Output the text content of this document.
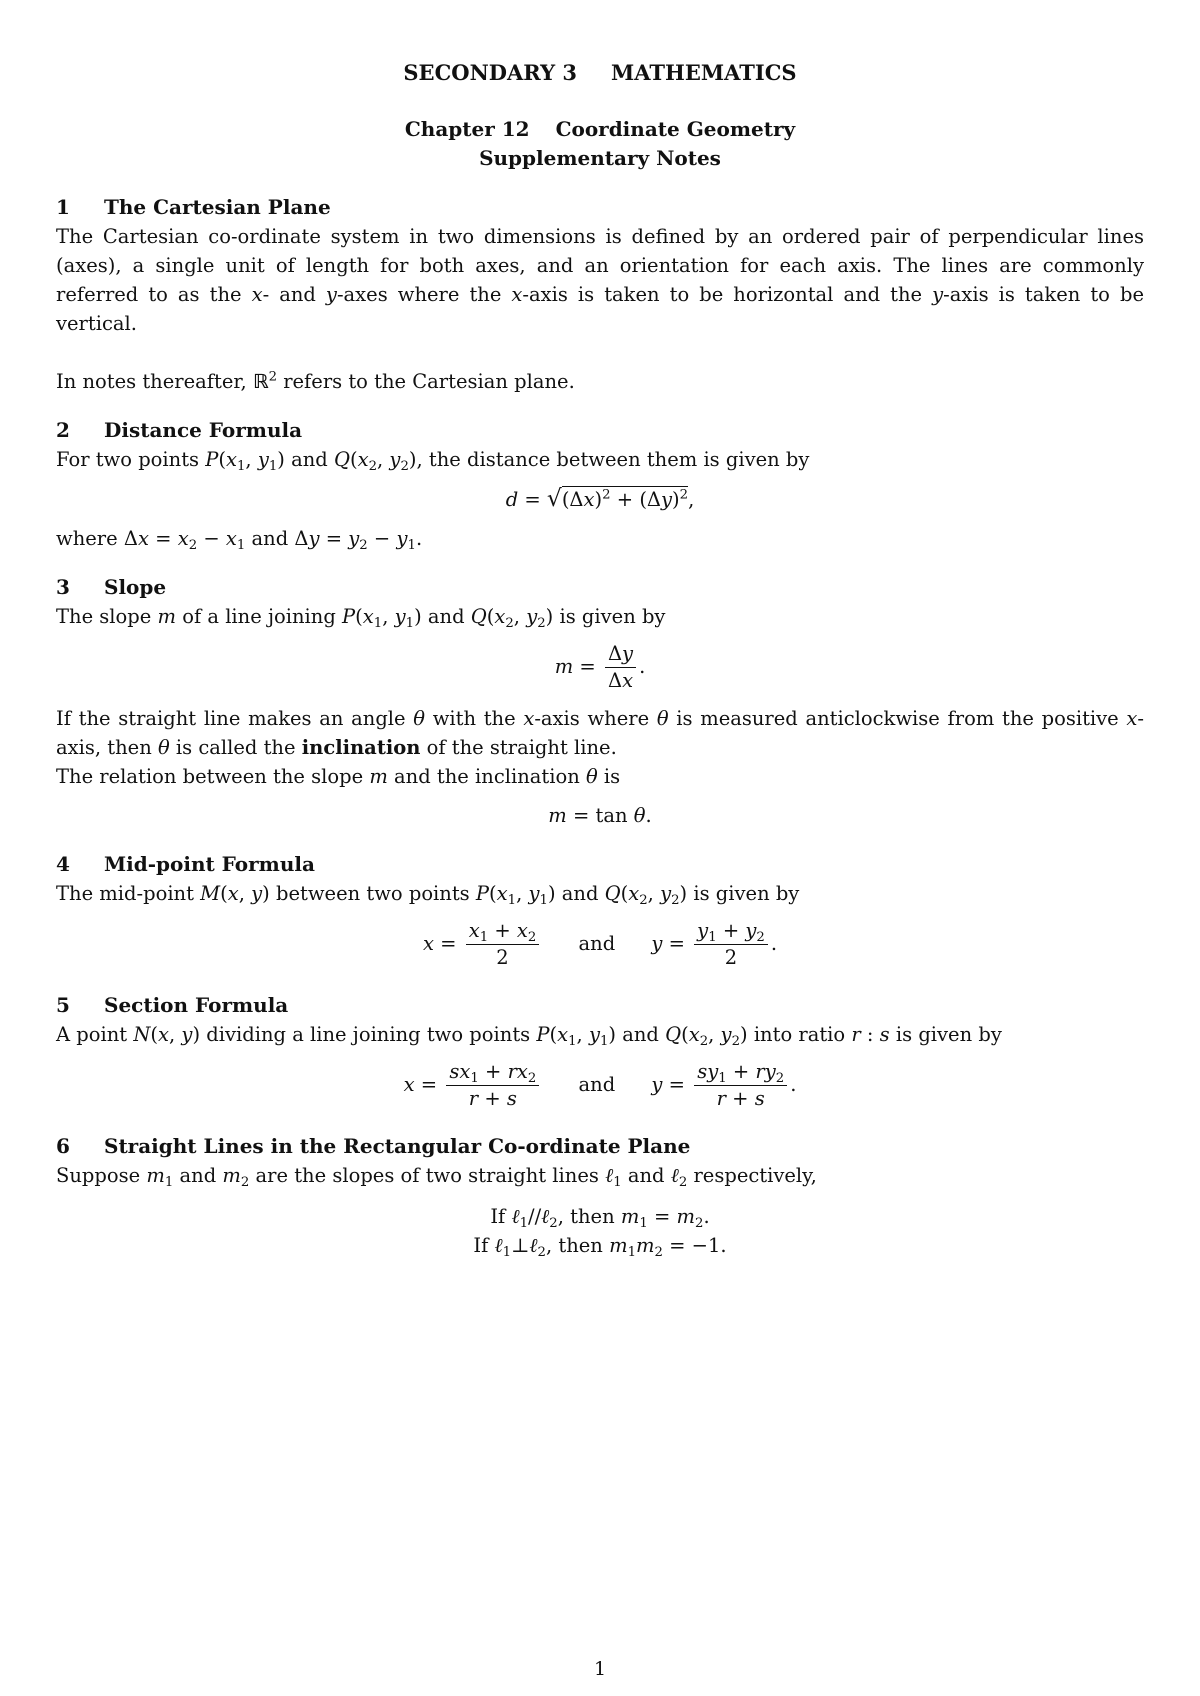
SECONDARY 3 MATHEMATICS
Chapter 12 Coordinate Geometry
Supplementary Notes
1 The Cartesian Plane

The Cartesian co-ordinate system in two dimensions is defined by an ordered pair of perpendicular lines (axes), a single unit of length for both axes, and an orientation for each axis. The lines are commonly referred to as the x- and y-axes where the x-axis is taken to be horizontal and the y-axis is taken to be vertical.

In notes thereafter, ℝ$^2$ refers to the Cartesian plane.

2 Distance Formula

For two points $P(x_1$, $y_1$) and $Q(x_2$, $y_2$), the distance between them is given by

$d = √(\Delta x)^2 + (\Delta y)^2$,

where $\Delta x = x_2 - x_1$ and $\Delta y = y_2 - y_1$.

3 Slope

The slope m of a line joining $P(x_1$, $y_1$) and $Q(x_2$, $y_2$) is given by

$m = \frac{\Delta y}{\Delta x}$ .

If the straight line makes an angle θ with the x-axis where θ is measured anticlockwise from the positive x-axis, then θ is called the inclination of the straight line.

The relation between the slope m and the inclination θ is

m = tan θ.
4 Mid-point Formula

The mid-point M(x, y) between two points $P(x_1$, $y_1$) and $Q(x_2$, $y_2$) is given by

$x = \frac{x_1 + x_2}{2}$ and $y = \frac{y_1 + y_2}{2}$ .
5 Section Formula

A point N(x, y) dividing a line joining two points $P(x_1$, $y_1$) and $Q(x_2$, $y_2$) into ratio r : s is given by

$x = \frac{sx_1 + rx_2}{r + s}$ and $y = \frac{sy_1 + ry_2}{r + s}$ .
6 Straight Lines in the Rectangular Co-ordinate Plane

Suppose $m_1$ and $m_2$ are the slopes of two straight lines ℓ$_1$ and ℓ$_2$ respectively,

If ℓ$_1$//ℓ$_2$, then $m_1 = m_2$.
If ℓ$_1$⊥ℓ$_2$, then $m_1m_2 = -1$.
1
